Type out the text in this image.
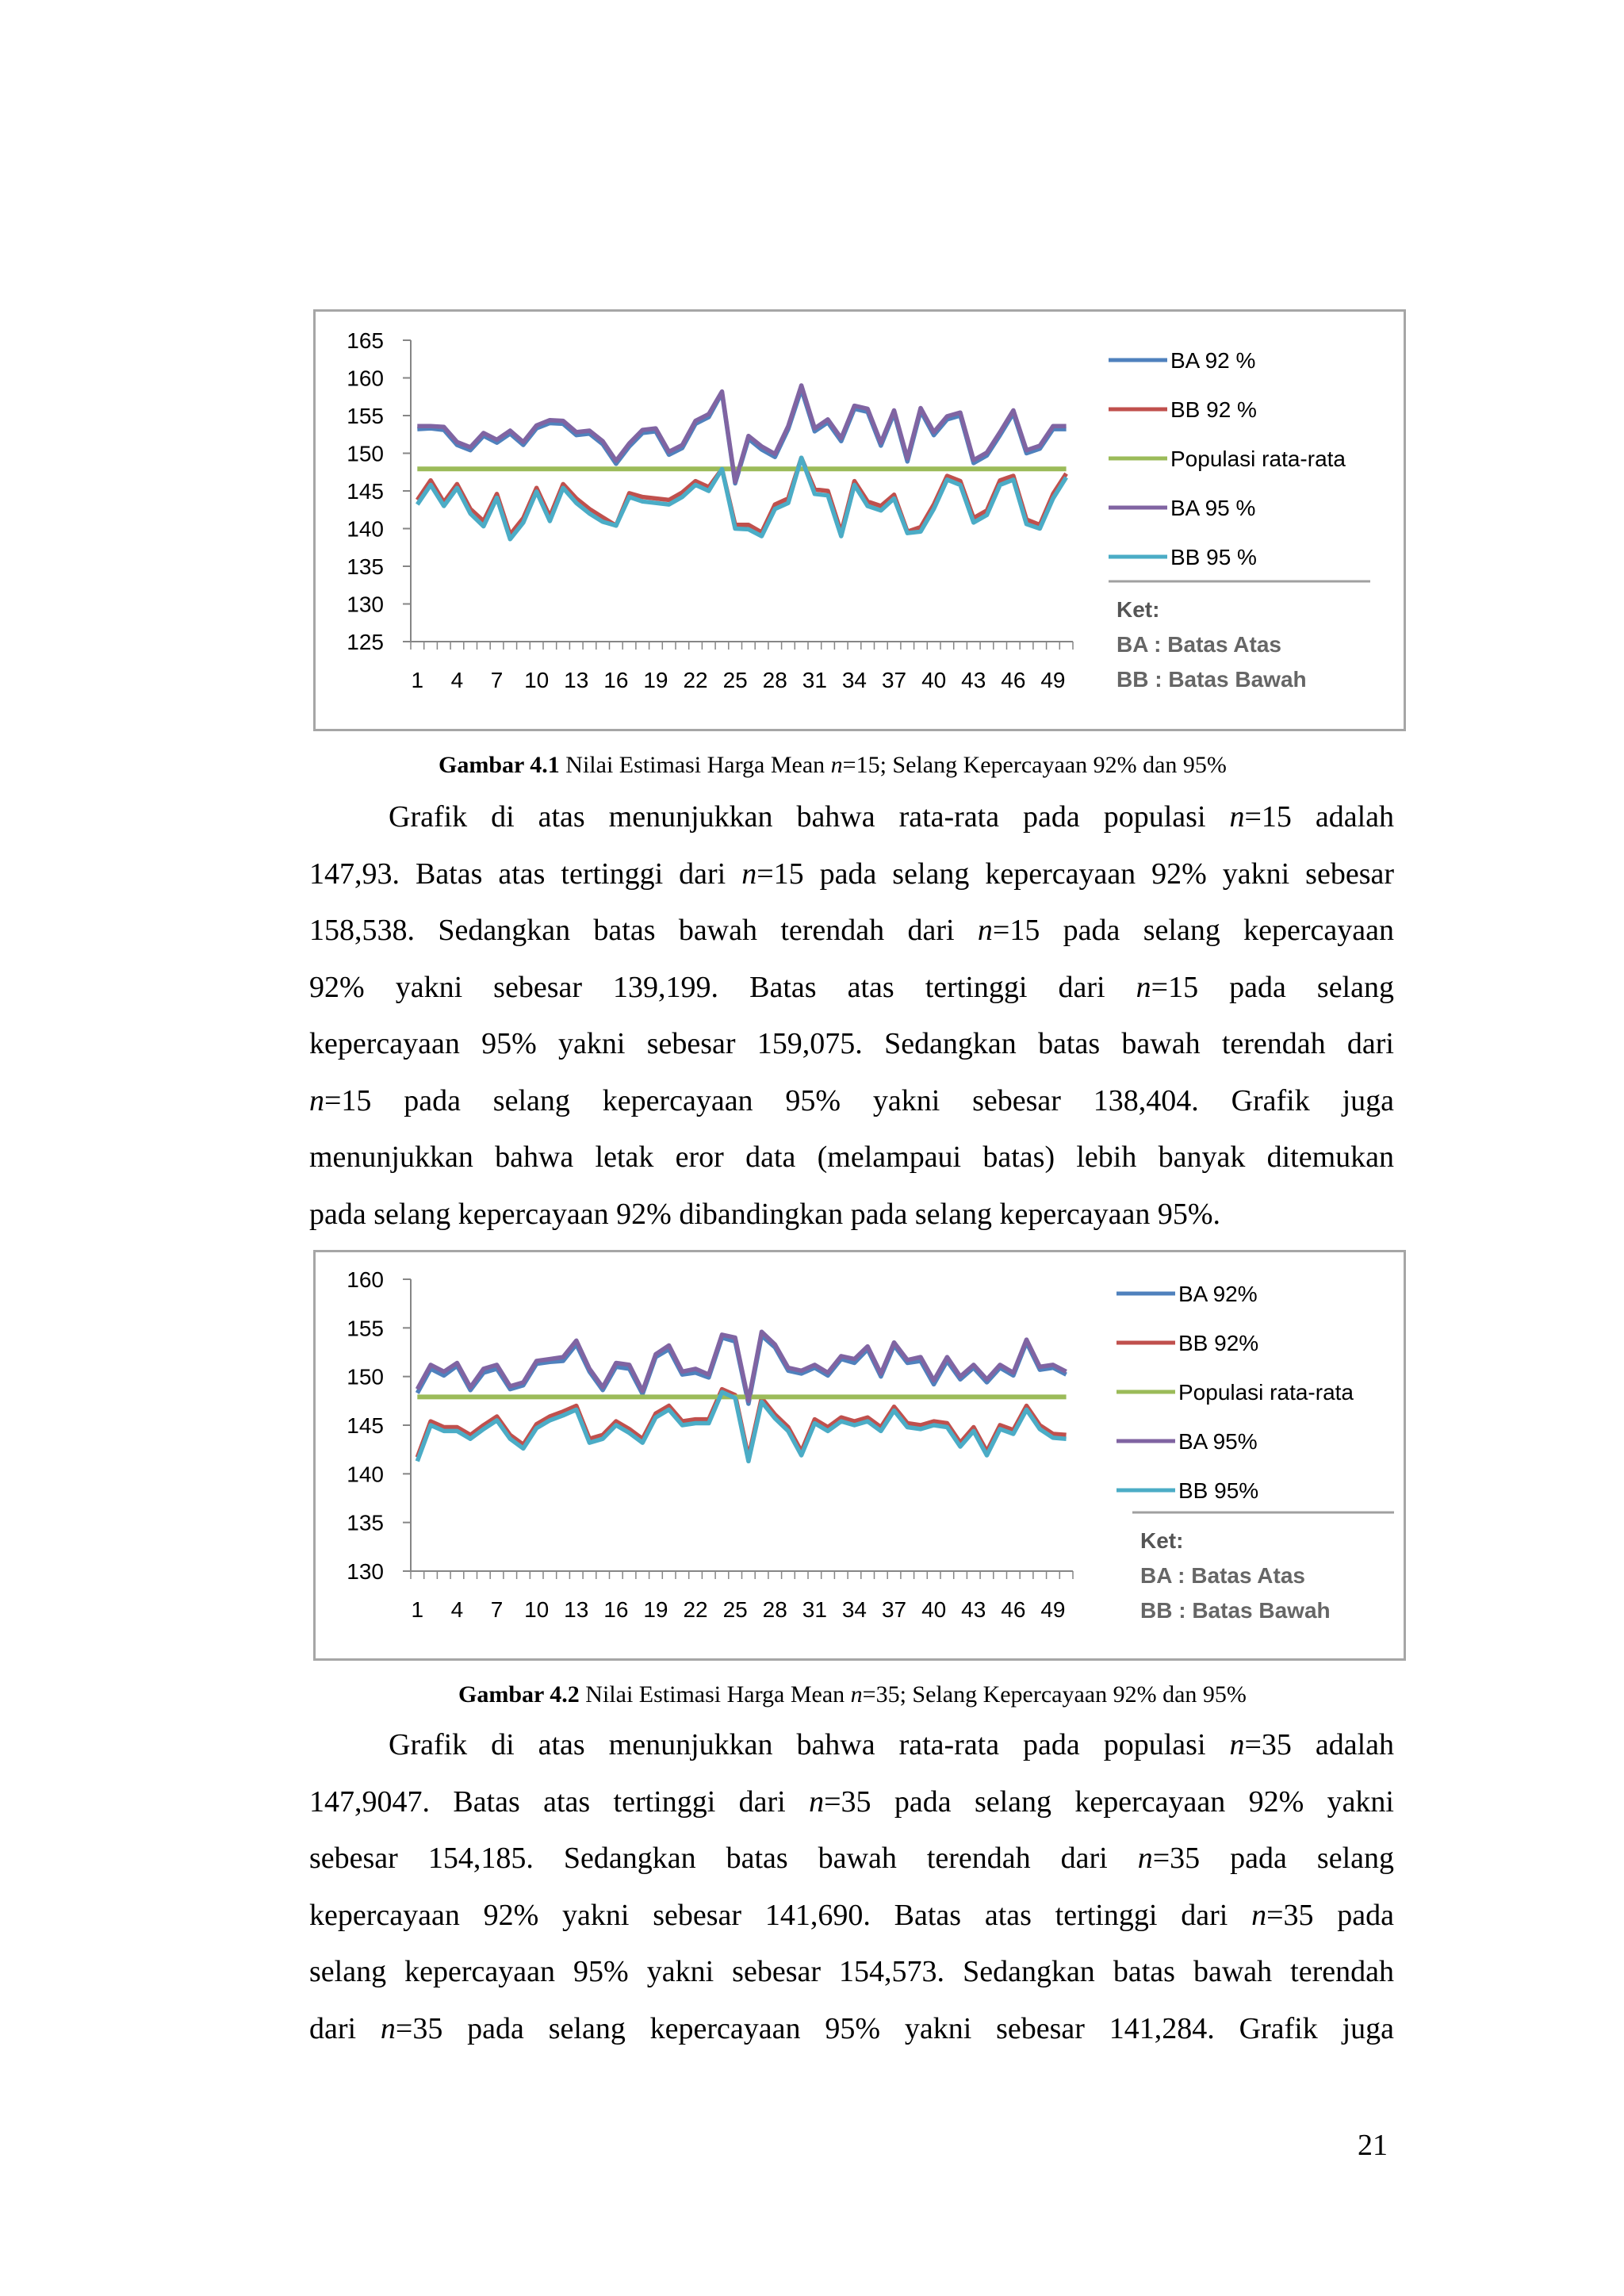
125
130
135
140
145
150
155
160
165
1 4 7 10 13 16 19 22 25 28 31 34 37 40 43 46 49
BA 92 %
BB 92 %
Populasi rata-rata
BA 95 %
BB 95 %
Ket:
BA : Batas Atas
BB : Batas Bawah
Gambar 4.1 Nilai Estimasi Harga Mean n=15; Selang Kepercayaan 92% dan 95%
Grafik di atas menunjukkan bahwa rata-rata pada populasi n=15 adalah
147,93. Batas atas tertinggi dari n=15 pada selang kepercayaan 92% yakni sebesar
158,538. Sedangkan batas bawah terendah dari n=15 pada selang kepercayaan
92% yakni sebesar 139,199. Batas atas tertinggi dari n=15 pada selang
kepercayaan 95% yakni sebesar 159,075. Sedangkan batas bawah terendah dari
n=15 pada selang kepercayaan 95% yakni sebesar 138,404. Grafik juga
menunjukkan bahwa letak eror data (melampaui batas) lebih banyak ditemukan
pada selang kepercayaan 92% dibandingkan pada selang kepercayaan 95%.
130
135
140
145
150
155
160
1 4 7 10 13 16 19 22 25 28 31 34 37 40 43 46 49
BA 92%
BB 92%
Populasi rata-rata
BA 95%
BB 95%
Ket:
BA : Batas Atas
BB : Batas Bawah
Gambar 4.2 Nilai Estimasi Harga Mean n=35; Selang Kepercayaan 92% dan 95%
Grafik di atas menunjukkan bahwa rata-rata pada populasi n=35 adalah
147,9047. Batas atas tertinggi dari n=35 pada selang kepercayaan 92% yakni
sebesar 154,185. Sedangkan batas bawah terendah dari n=35 pada selang
kepercayaan 92% yakni sebesar 141,690. Batas atas tertinggi dari n=35 pada
selang kepercayaan 95% yakni sebesar 154,573. Sedangkan batas bawah terendah
dari n=35 pada selang kepercayaan 95% yakni sebesar 141,284. Grafik juga
21
